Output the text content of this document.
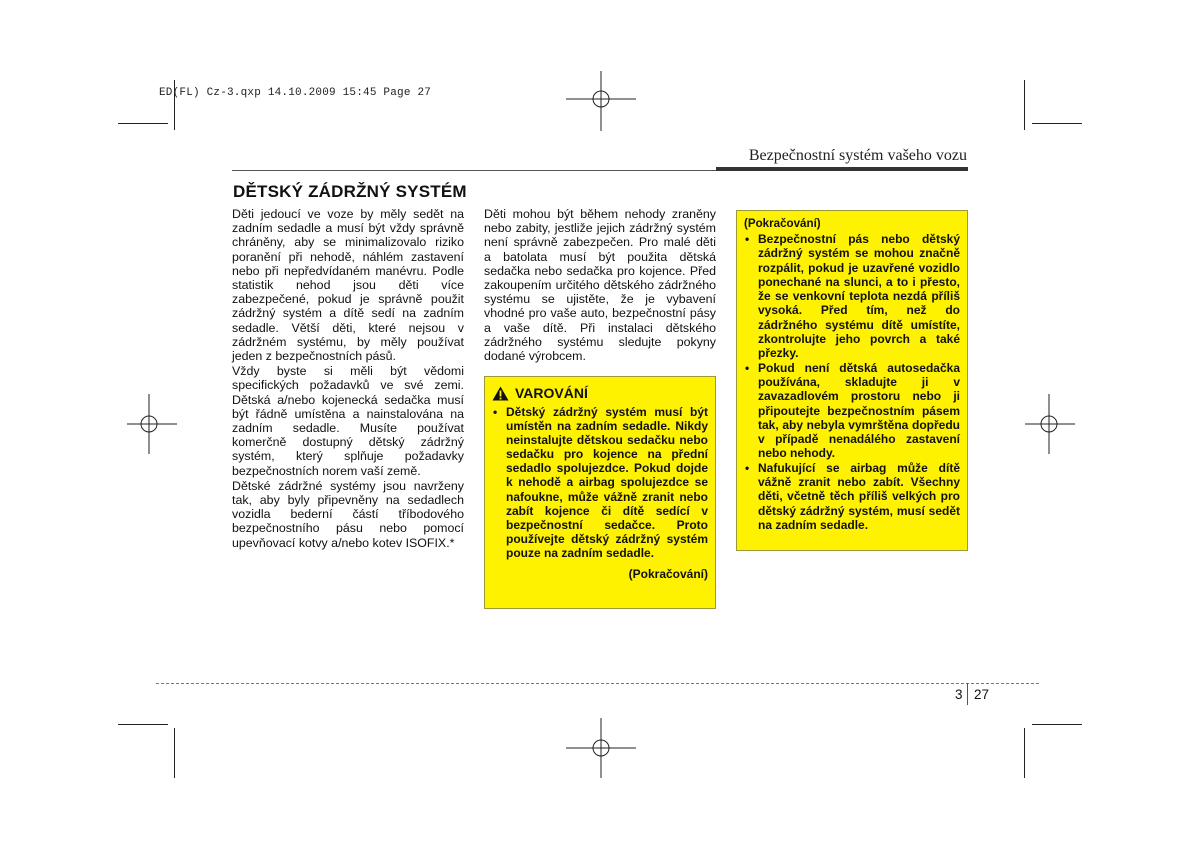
ED(FL) Cz-3.qxp 14.10.2009 15:45 Page 27
Bezpečnostní systém vašeho vozu
DĚTSKÝ ZÁDRŽNÝ SYSTÉM

Děti jedoucí ve voze by měly sedět na zadním sedadle a musí být vždy správně chráněny, aby se minimalizovalo riziko poranění při nehodě, náhlém zastavení nebo při nepředvídaném manévru. Podle statistik nehod jsou děti více zabezpečené, pokud je správně použit zádržný systém a dítě sedí na zadním sedadle. Větší děti, které nejsou v zádržném systému, by měly používat jeden z bezpečnostních pásů.

Vždy byste si měli být vědomi specifických požadavků ve své zemi. Dětská a/nebo kojenecká sedačka musí být řádně umístěna a nainstalována na zadním sedadle. Musíte používat komerčně dostupný dětský zádržný systém, který splňuje požadavky bezpečnostních norem vaší země.

Dětské zádržné systémy jsou navrženy tak, aby byly připevněny na sedadlech vozidla bederní částí tříbodového bezpečnostního pásu nebo pomocí upevňovací kotvy a/nebo kotev ISOFIX.*

Děti mohou být během nehody zraněny nebo zabity, jestliže jejich zádržný systém není správně zabezpečen. Pro malé děti a batolata musí být použita dětská sedačka nebo sedačka pro kojence. Před zakoupením určitého dětského zádržného systému se ujistěte, že je vybavení vhodné pro vaše auto, bezpečnostní pásy a vaše dítě. Při instalaci dětského zádržného systému sledujte pokyny dodané výrobcem.

VAROVÁNÍ
• Dětský zádržný systém musí být umístěn na zadním sedadle. Nikdy neinstalujte dětskou sedačku nebo sedačku pro kojence na přední sedadlo spolujezdce. Pokud dojde k nehodě a airbag spolujezdce se nafoukne, může vážně zranit nebo zabít kojence či dítě sedící v bezpečnostní sedačce. Proto používejte dětský zádržný systém pouze na zadním sedadle.
(Pokračování)
(Pokračování)
• Bezpečnostní pás nebo dětský zádržný systém se mohou značně rozpálit, pokud je uzavřené vozidlo ponechané na slunci, a to i přesto, že se venkovní teplota nezdá příliš vysoká. Před tím, než do zádržného systému dítě umístíte, zkontrolujte jeho povrch a také přezky.
• Pokud není dětská autosedačka používána, skladujte ji v zavazadlovém prostoru nebo ji připoutejte bezpečnostním pásem tak, aby nebyla vymrštěna dopředu v případě nenadálého zastavení nebo nehody.
• Nafukující se airbag může dítě vážně zranit nebo zabít. Všechny děti, včetně těch příliš velkých pro dětský zádržný systém, musí sedět na zadním sedadle.
3 27
